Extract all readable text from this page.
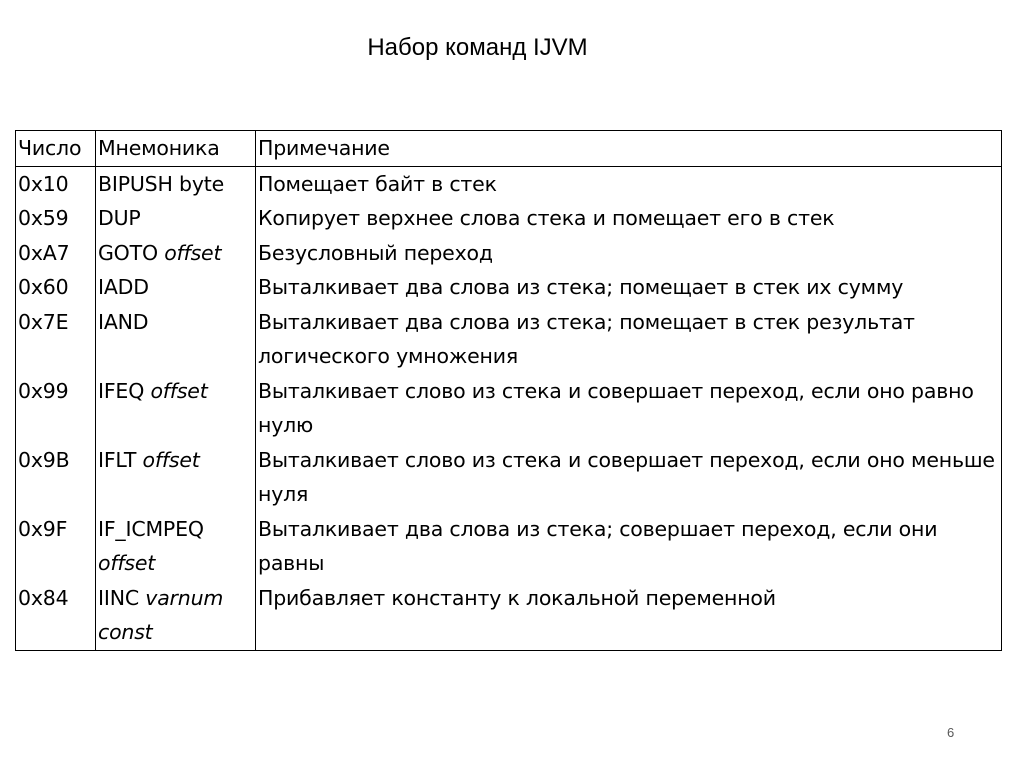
Набор команд IJVM
Число	Мнемоника	Примечание
0x10	BIPUSH byte	Помещает байт в стек
0x59	DUP	Копирует верхнее слова стека и помещает его в стек
0xA7	GOTO offset	Безусловный переход
0x60	IADD	Выталкивает два слова из стека; помещает в стек их сумму
0x7E	IAND	Выталкивает два слова из стека; помещает в стек результат логического умножения
0x99	IFEQ offset	Выталкивает слово из стека и совершает переход, если оно равно нулю
0x9B	IFLT offset	Выталкивает слово из стека и совершает переход, если оно меньше нуля
0x9F	IF_ICMPEQ offset	Выталкивает два слова из стека; совершает переход, если они равны
0x84	IINC varnum const	Прибавляет константу к локальной переменной
6
